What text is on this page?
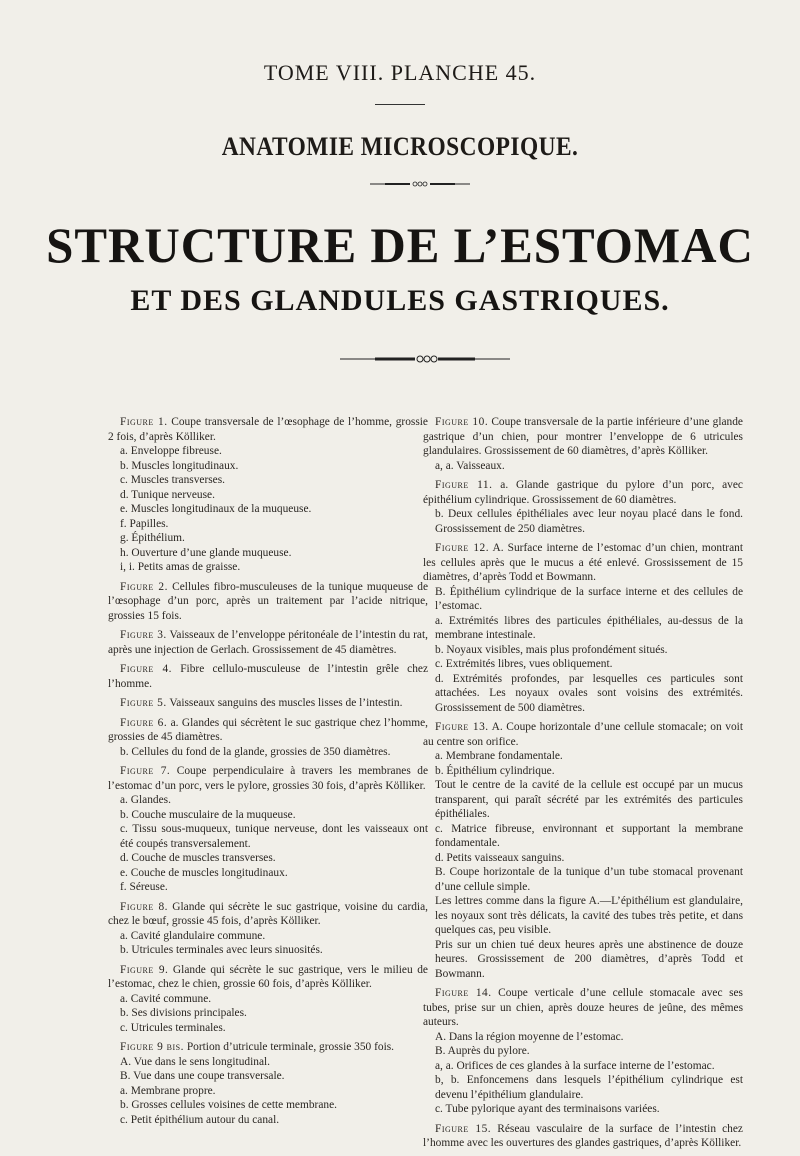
TOME VIII. PLANCHE 45.
ANATOMIE MICROSCOPIQUE.
STRUCTURE DE L’ESTOMAC
ET DES GLANDULES GASTRIQUES.

Figure 1. Coupe transversale de l’œsophage de l’homme, grossie 2 fois, d’après Kölliker.

a. Enveloppe fibreuse.

b. Muscles longitudinaux.

c. Muscles transverses.

d. Tunique nerveuse.

e. Muscles longitudinaux de la muqueuse.

f. Papilles.

g. Épithélium.

h. Ouverture d’une glande muqueuse.

i, i. Petits amas de graisse.

Figure 2. Cellules fibro-musculeuses de la tunique muqueuse de l’œsophage d’un porc, après un traitement par l’acide nitrique, grossies 15 fois.

Figure 3. Vaisseaux de l’enveloppe péritonéale de l’intestin du rat, après une injection de Gerlach. Grossissement de 45 diamètres.

Figure 4. Fibre cellulo-musculeuse de l’intestin grêle chez l’homme.

Figure 5. Vaisseaux sanguins des muscles lisses de l’intestin.

Figure 6. a. Glandes qui sécrètent le suc gastrique chez l’homme, grossies de 45 diamètres.

b. Cellules du fond de la glande, grossies de 350 diamètres.

Figure 7. Coupe perpendiculaire à travers les membranes de l’estomac d’un porc, vers le pylore, grossies 30 fois, d’après Kölliker.

a. Glandes.

b. Couche musculaire de la muqueuse.

c. Tissu sous-muqueux, tunique nerveuse, dont les vaisseaux ont été coupés transversalement.

d. Couche de muscles transverses.

e. Couche de muscles longitudinaux.

f. Séreuse.

Figure 8. Glande qui sécrète le suc gastrique, voisine du cardia, chez le bœuf, grossie 45 fois, d’après Kölliker.

a. Cavité glandulaire commune.

b. Utricules terminales avec leurs sinuosités.

Figure 9. Glande qui sécrète le suc gastrique, vers le milieu de l’estomac, chez le chien, grossie 60 fois, d’après Kölliker.

a. Cavité commune.

b. Ses divisions principales.

c. Utricules terminales.

Figure 9 bis. Portion d’utricule terminale, grossie 350 fois.

A. Vue dans le sens longitudinal.

B. Vue dans une coupe transversale.

a. Membrane propre.

b. Grosses cellules voisines de cette membrane.

c. Petit épithélium autour du canal.

Figure 10. Coupe transversale de la partie inférieure d’une glande gastrique d’un chien, pour montrer l’enveloppe de 6 utricules glandulaires. Grossissement de 60 diamètres, d’après Kölliker.

a, a. Vaisseaux.

Figure 11. a. Glande gastrique du pylore d’un porc, avec épithélium cylindrique. Grossissement de 60 diamètres.

b. Deux cellules épithéliales avec leur noyau placé dans le fond. Grossissement de 250 diamètres.

Figure 12. A. Surface interne de l’estomac d’un chien, montrant les cellules après que le mucus a été enlevé. Grossissement de 15 diamètres, d’après Todd et Bowmann.

B. Épithélium cylindrique de la surface interne et des cellules de l’estomac.

a. Extrémités libres des particules épithéliales, au-dessus de la membrane intestinale.

b. Noyaux visibles, mais plus profondément situés.

c. Extrémités libres, vues obliquement.

d. Extrémités profondes, par lesquelles ces particules sont attachées. Les noyaux ovales sont voisins des extrémités. Grossissement de 500 diamètres.

Figure 13. A. Coupe horizontale d’une cellule stomacale; on voit au centre son orifice.

a. Membrane fondamentale.

b. Épithélium cylindrique.

Tout le centre de la cavité de la cellule est occupé par un mucus transparent, qui paraît sécrété par les extrémités des particules épithéliales.

c. Matrice fibreuse, environnant et supportant la membrane fondamentale.

d. Petits vaisseaux sanguins.

B. Coupe horizontale de la tunique d’un tube stomacal provenant d’une cellule simple.

Les lettres comme dans la figure A.—L’épithélium est glandulaire, les noyaux sont très délicats, la cavité des tubes très petite, et dans quelques cas, peu visible.

Pris sur un chien tué deux heures après une abstinence de douze heures. Grossissement de 200 diamètres, d’après Todd et Bowmann.

Figure 14. Coupe verticale d’une cellule stomacale avec ses tubes, prise sur un chien, après douze heures de jeûne, des mêmes auteurs.

A. Dans la région moyenne de l’estomac.

B. Auprès du pylore.

a, a. Orifices de ces glandes à la surface interne de l’estomac.

b, b. Enfoncemens dans lesquels l’épithélium cylindrique est devenu l’épithélium glandulaire.

c. Tube pylorique ayant des terminaisons variées.

Figure 15. Réseau vasculaire de la surface de l’intestin chez l’homme avec les ouvertures des glandes gastriques, d’après Kölliker.
